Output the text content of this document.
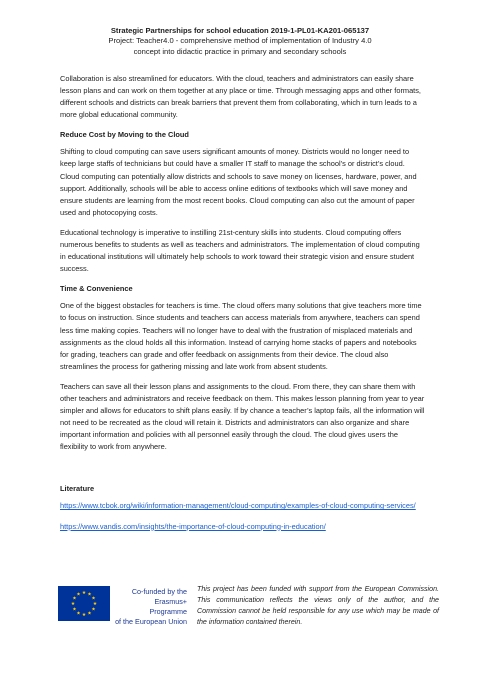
Strategic Partnerships for school education 2019-1-PL01-KA201-065137
Project: Teacher4.0 - comprehensive method of implementation of Industry 4.0
concept into didactic practice in primary and secondary schools

Collaboration is also streamlined for educators. With the cloud, teachers and administrators can easily share lesson plans and can work on them together at any place or time. Through messaging apps and other formats, different schools and districts can break barriers that prevent them from collaborating, which in turn leads to a more global educational community.

Reduce Cost by Moving to the Cloud

Shifting to cloud computing can save users significant amounts of money. Districts would no longer need to keep large staffs of technicians but could have a smaller IT staff to manage the school’s or district’s cloud. Cloud computing can potentially allow districts and schools to save money on licenses, hardware, power, and support. Additionally, schools will be able to access online editions of textbooks which will save money and ensure students are learning from the most recent books. Cloud computing can also cut the amount of paper used and photocopying costs.

Educational technology is imperative to instilling 21st-century skills into students. Cloud computing offers numerous benefits to students as well as teachers and administrators. The implementation of cloud computing in educational institutions will ultimately help schools to work toward their strategic vision and ensure student success.

Time & Convenience

One of the biggest obstacles for teachers is time. The cloud offers many solutions that give teachers more time to focus on instruction. Since students and teachers can access materials from anywhere, teachers can spend less time making copies. Teachers will no longer have to deal with the frustration of misplaced materials and assignments as the cloud holds all this information. Instead of carrying home stacks of papers and notebooks for grading, teachers can grade and offer feedback on assignments from their device. The cloud also streamlines the process for gathering missing and late work from absent students.

Teachers can save all their lesson plans and assignments to the cloud. From there, they can share them with other teachers and administrators and receive feedback on them. This makes lesson planning from year to year simpler and allows for educators to shift plans easily. If by chance a teacher’s laptop fails, all the information will not need to be recreated as the cloud will retain it. Districts and administrators can also organize and share important information and policies with all personnel easily through the cloud. The cloud gives users the flexibility to work from anywhere.

Literature
https://www.tcbok.org/wiki/information-management/cloud-computing/examples-of-cloud-computing-services/
https://www.vandis.com/insights/the-importance-of-cloud-computing-in-education/
Co-funded by the
Erasmus+ Programme
of the European Union
This project has been funded with support from the European Commission. This communication reflects the views only of the author, and the Commission cannot be held responsible for any use which may be made of the information contained therein.
